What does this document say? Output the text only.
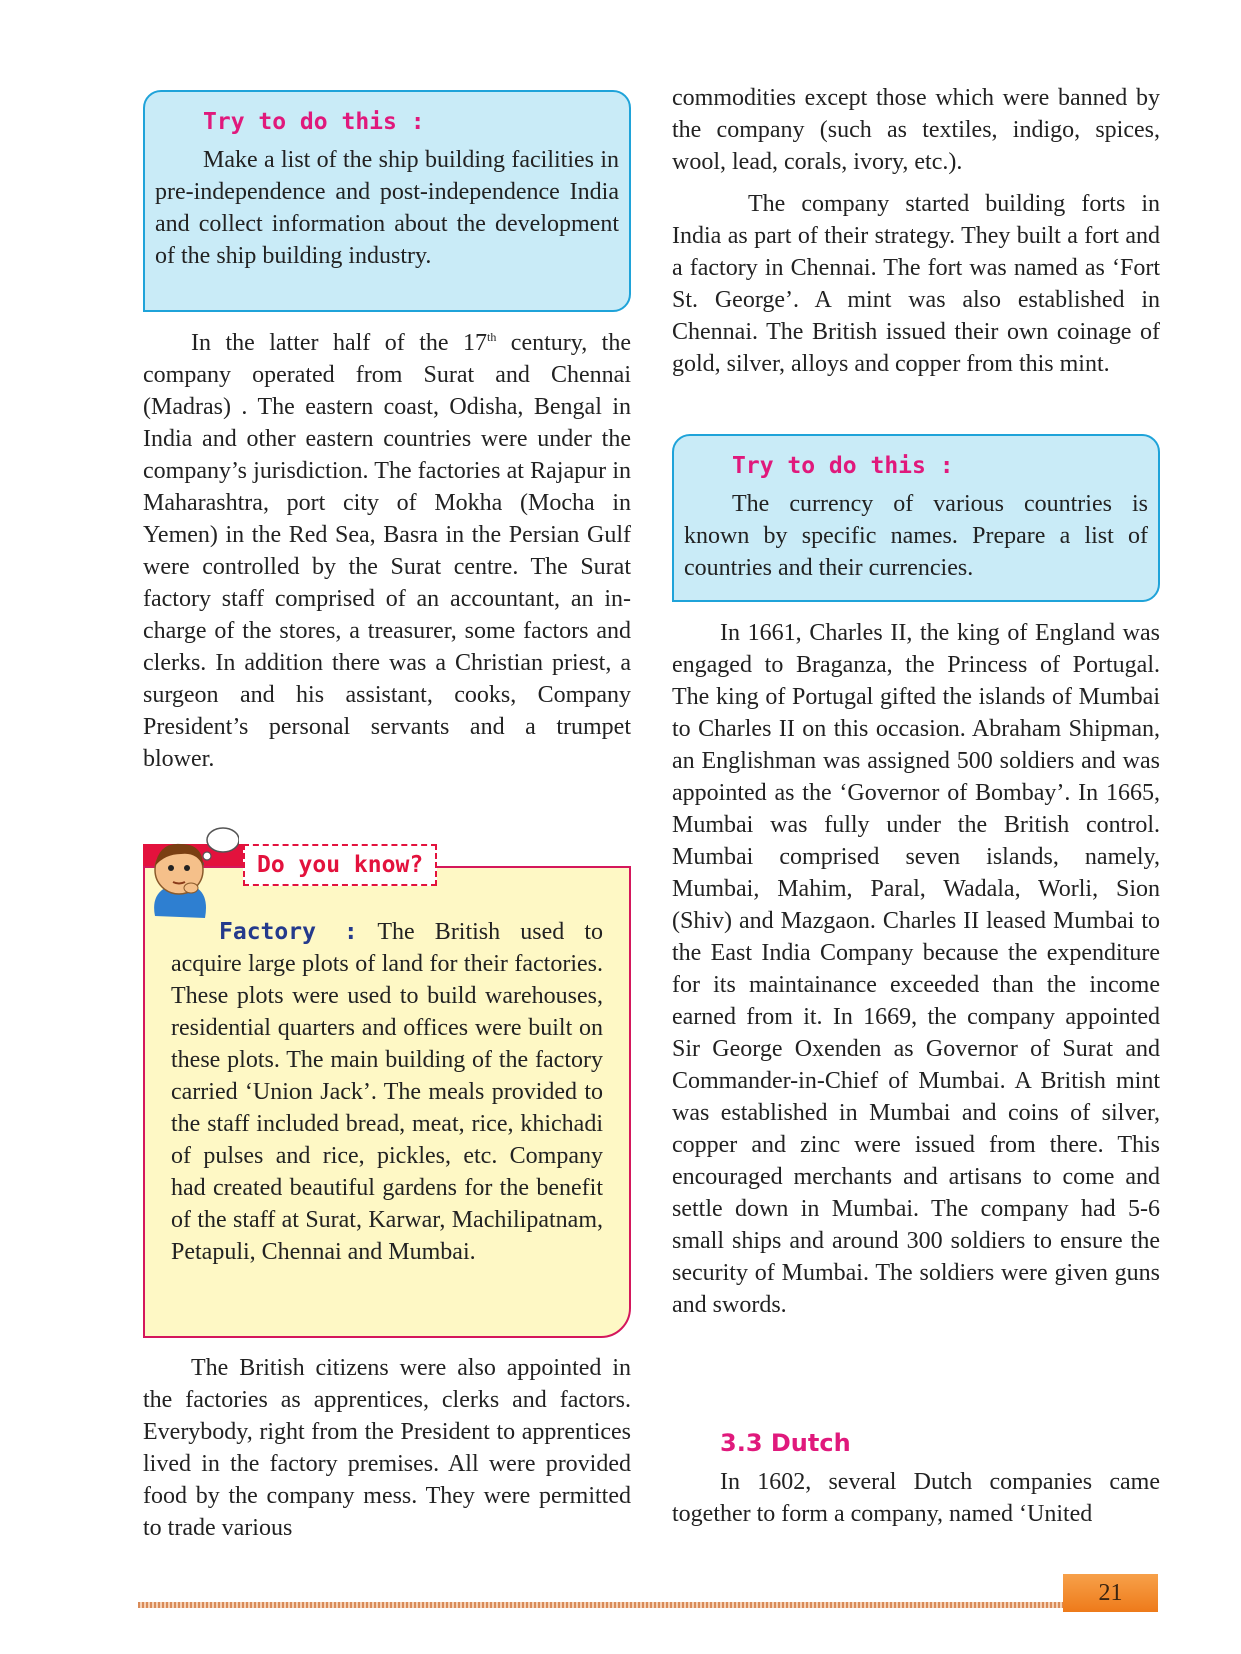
Try to do this :

Make a list of the ship building facilities in pre-independence and post-independence India and collect information about the development of the ship building industry.

In the latter half of the 17th century, the company operated from Surat and Chennai (Madras) . The eastern coast, Odisha, Bengal in India and other eastern countries were under the company’s jurisdiction. The factories at Rajapur in Maharashtra, port city of Mokha (Mocha in Yemen) in the Red Sea, Basra in the Persian Gulf were controlled by the Surat centre. The Surat factory staff comprised of an accountant, an in-charge of the stores, a treasurer, some factors and clerks. In addition there was a Christian priest, a surgeon and his assistant, cooks, Company President’s personal servants and a trumpet blower.

Do you know?

Factory : The British used to acquire large plots of land for their factories. These plots were used to build warehouses, residential quarters and offices were built on these plots. The main building of the factory carried ‘Union Jack’. The meals provided to the staff included bread, meat, rice, khichadi of pulses and rice, pickles, etc. Company had created beautiful gardens for the benefit of the staff at Surat, Karwar, Machilipatnam, Petapuli, Chennai and Mumbai.

The British citizens were also appointed in the factories as apprentices, clerks and factors. Everybody, right from the President to apprentices lived in the factory premises. All were provided food by the company mess. They were permitted to trade various

commodities except those which were banned by the company (such as textiles, indigo, spices, wool, lead, corals, ivory, etc.).

The company started building forts in India as part of their strategy. They built a fort and a factory in Chennai. The fort was named as ‘Fort St. George’. A mint was also established in Chennai. The British issued their own coinage of gold, silver, alloys and copper from this mint.

Try to do this :

The currency of various countries is known by specific names. Prepare a list of countries and their currencies.

In 1661, Charles II, the king of England was engaged to Braganza, the Princess of Portugal. The king of Portugal gifted the islands of Mumbai to Charles II on this occasion. Abraham Shipman, an Englishman was assigned 500 soldiers and was appointed as the ‘Governor of Bombay’. In 1665, Mumbai was fully under the British control. Mumbai comprised seven islands, namely, Mumbai, Mahim, Paral, Wadala, Worli, Sion (Shiv) and Mazgaon. Charles II leased Mumbai to the East India Company because the expenditure for its maintainance exceeded than the income earned from it. In 1669, the company appointed Sir George Oxenden as Governor of Surat and Commander-in-Chief of Mumbai. A British mint was established in Mumbai and coins of silver, copper and zinc were issued from there. This encouraged merchants and artisans to come and settle down in Mumbai. The company had 5-6 small ships and around 300 soldiers to ensure the security of Mumbai. The soldiers were given guns and swords.

3.3 Dutch

In 1602, several Dutch companies came together to form a company, named ‘United

21
